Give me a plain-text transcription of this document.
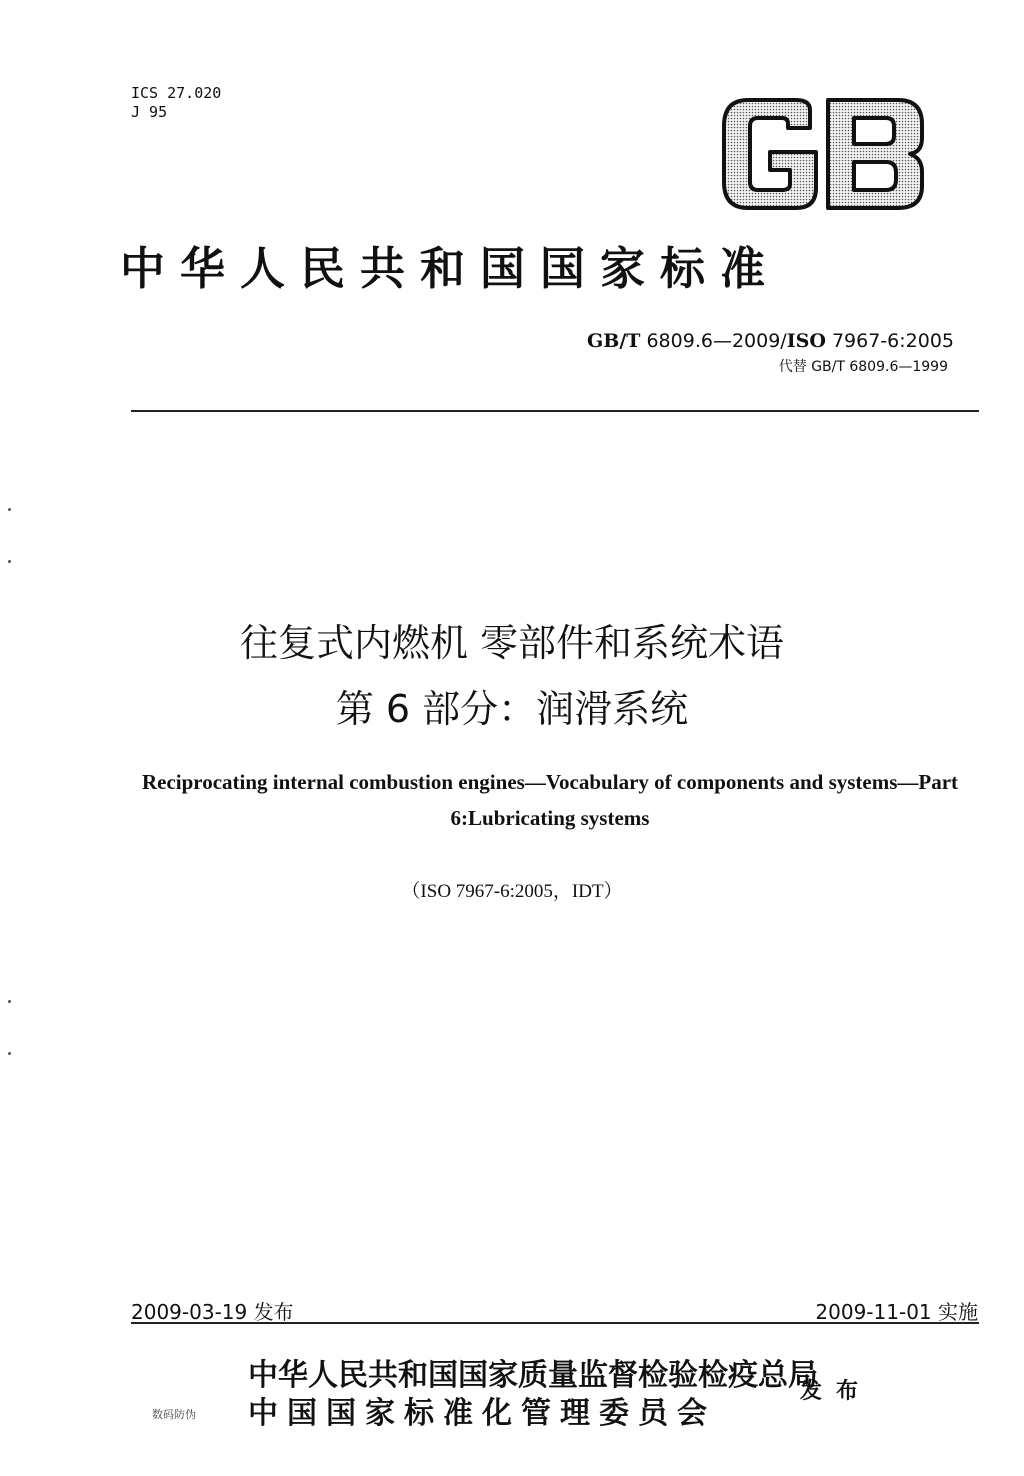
ICS 27.020
J 95
中华人民共和国国家标准
GB/T 6809.6—2009/ISO 7967-6:2005
代替 GB/T 6809.6—1999
往复式内燃机 零部件和系统术语
第 6 部分：润滑系统
Reciprocating internal combustion engines—Vocabulary of components and systems—Part 6:Lubricating systems
（ISO 7967-6:2005，IDT）
2009-03-19 发布	2009-11-01 实施
中华人民共和国国家质量监督检验检疫总局
中国国家标准化管理委员会
发布
数码防伪
